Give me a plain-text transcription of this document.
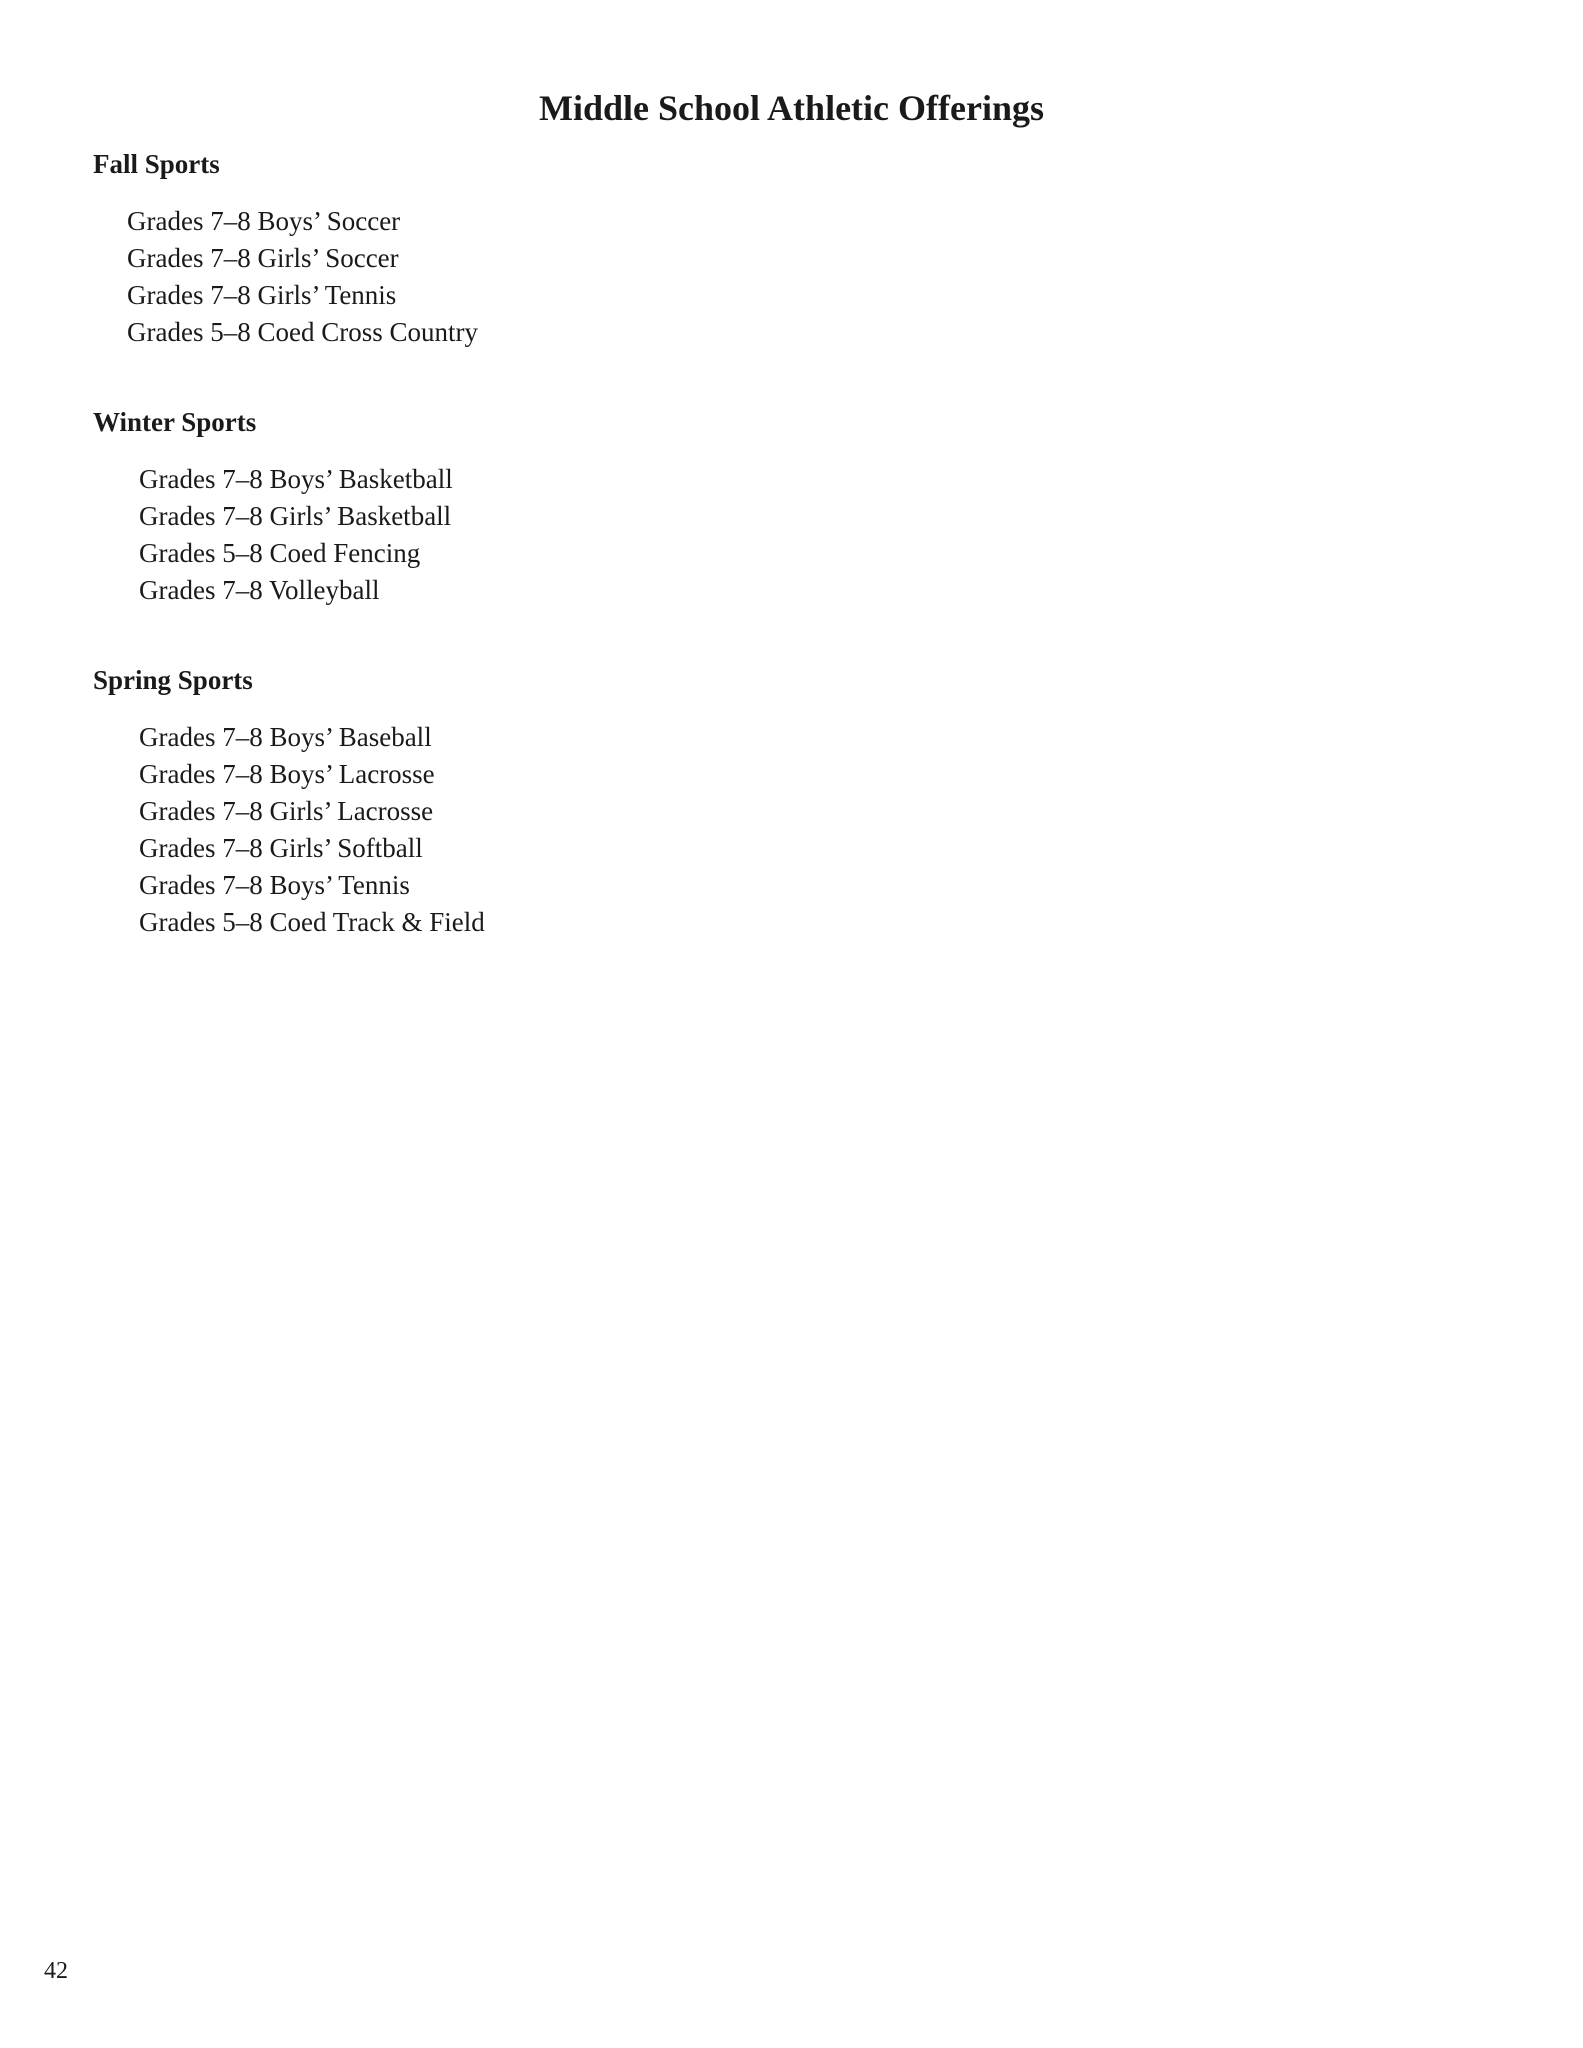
Middle School Athletic Offerings
Fall Sports
Grades 7–8 Boys’ Soccer
Grades 7–8 Girls’ Soccer
Grades 7–8 Girls’ Tennis
Grades 5–8 Coed Cross Country
Winter Sports
Grades 7–8 Boys’ Basketball
Grades 7–8 Girls’ Basketball
Grades 5–8 Coed Fencing
Grades 7–8 Volleyball
Spring Sports
Grades 7–8 Boys’ Baseball
Grades 7–8 Boys’ Lacrosse
Grades 7–8 Girls’ Lacrosse
Grades 7–8 Girls’ Softball
Grades 7–8 Boys’ Tennis
Grades 5–8 Coed Track & Field
42
